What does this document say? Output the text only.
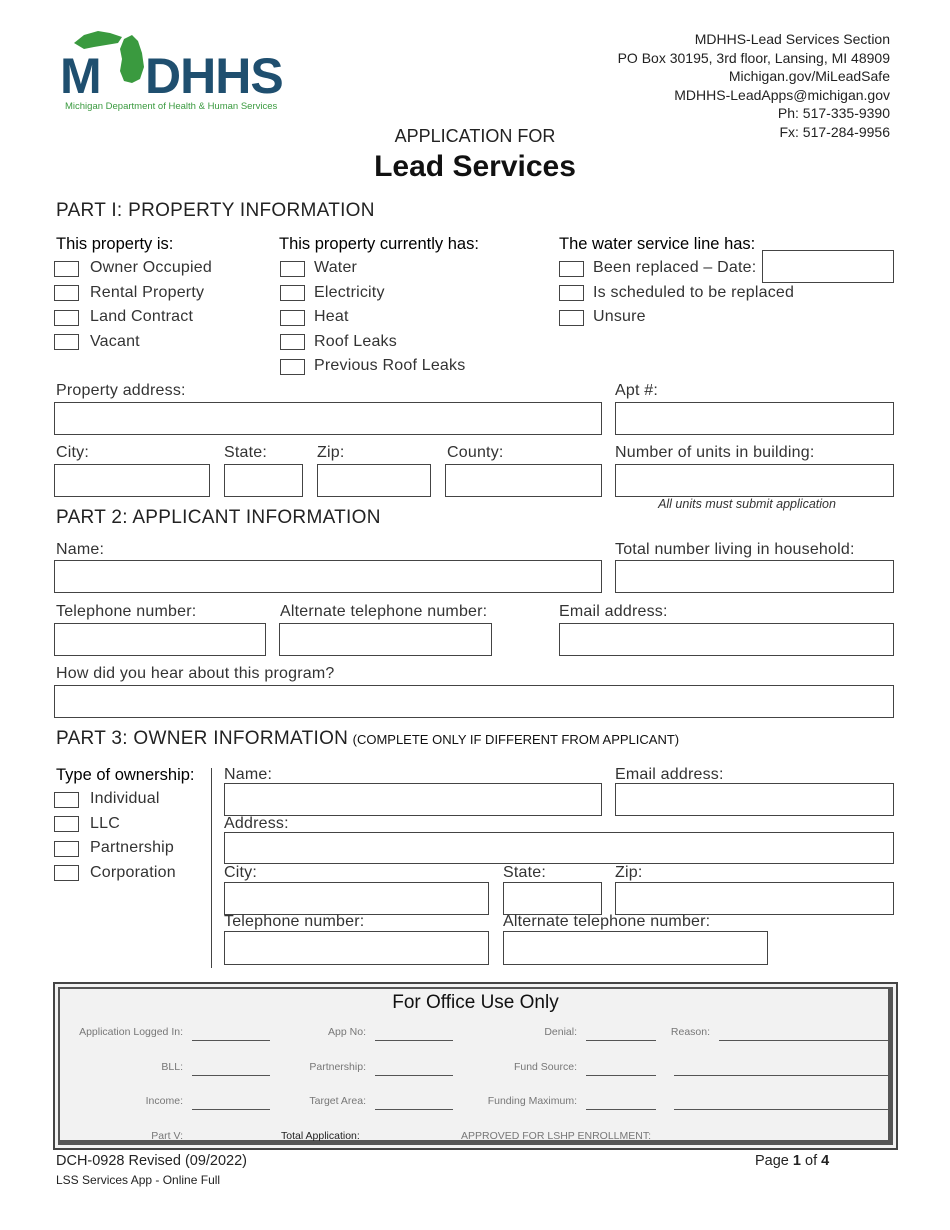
M DHHS
Michigan Department of Health & Human Services
MDHHS-Lead Services Section
PO Box 30195, 3rd floor, Lansing, MI 48909
Michigan.gov/MiLeadSafe
MDHHS-LeadApps@michigan.gov
Ph: 517-335-9390
Fx: 517-284-9956
APPLICATION FOR
Lead Services
PART I: PROPERTY INFORMATION
This property is:
Owner Occupied
Rental Property
Land Contract
Vacant
This property currently has:
Water
Electricity
Heat
Roof Leaks
Previous Roof Leaks
The water service line has:
Been replaced – Date:
Is scheduled to be replaced
Unsure
Property address:	Apt #:
City:	State:	Zip:	County:	Number of units in building:
All units must submit application
PART 2: APPLICANT INFORMATION
Name:	Total number living in household:
Telephone number:	Alternate telephone number:	Email address:
How did you hear about this program?
PART 3: OWNER INFORMATION (COMPLETE ONLY IF DIFFERENT FROM APPLICANT)
Type of ownership:
Individual
LLC
Partnership
Corporation
Name:	Email address:
Address:
City:	State:	Zip:
Telephone number:	Alternate telephone number:
For Office Use Only
Application Logged In:	App No:	Denial:	Reason:
BLL:	Partnership:	Fund Source:
Income:	Target Area:	Funding Maximum:
Part V:	Total Application:	APPROVED FOR LSHP ENROLLMENT:
DCH-0928 Revised (09/2022)
LSS Services App - Online Full
Page 1 of 4
